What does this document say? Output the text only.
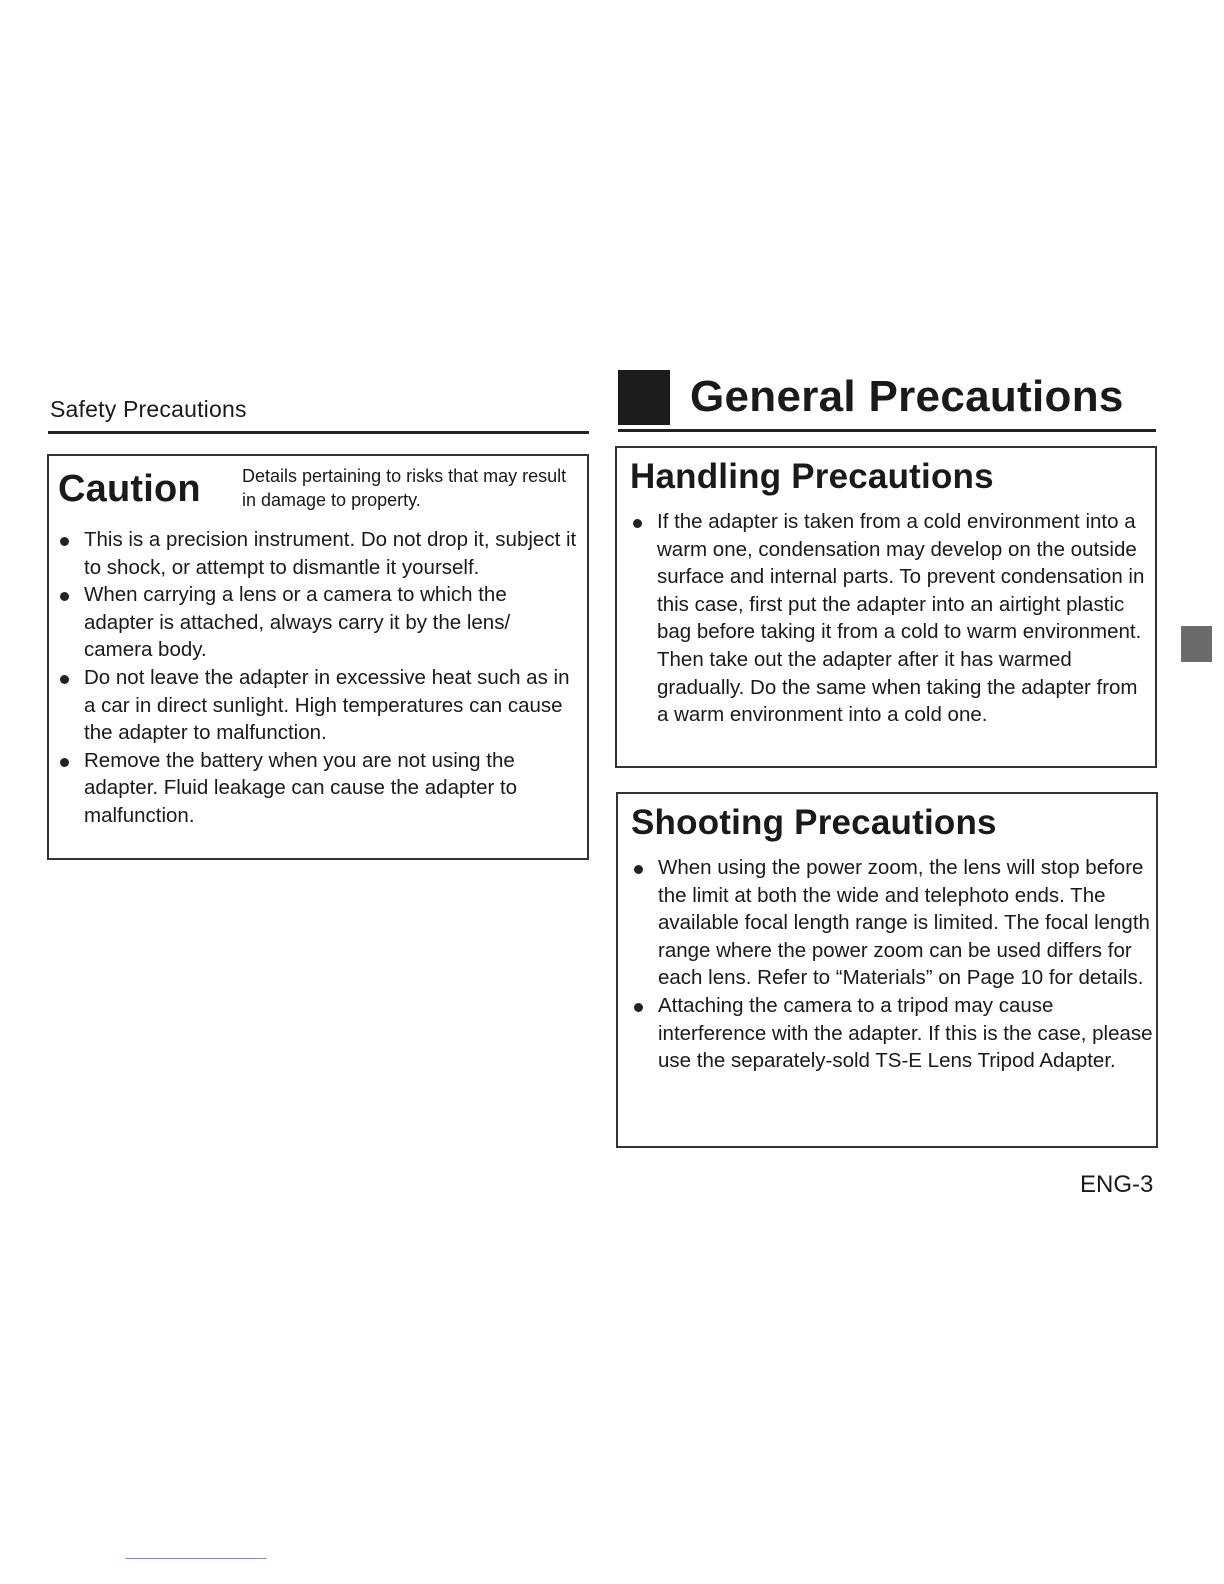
Safety Precautions	General Precautions
Caution Details pertaining to risks that may result in damage to property.
This is a precision instrument. Do not drop it, subject it to shock, or attempt to dismantle it yourself.
When carrying a lens or a camera to which the adapter is attached, always carry it by the lens/ camera body.
Do not leave the adapter in excessive heat such as in a car in direct sunlight. High temperatures can cause the adapter to malfunction.
Remove the battery when you are not using the adapter. Fluid leakage can cause the adapter to malfunction.
Handling Precautions
If the adapter is taken from a cold environment into a warm one, condensation may develop on the outside surface and internal parts. To prevent condensation in this case, first put the adapter into an airtight plastic bag before taking it from a cold to warm environment. Then take out the adapter after it has warmed gradually. Do the same when taking the adapter from a warm environment into a cold one.
Shooting Precautions
When using the power zoom, the lens will stop before the limit at both the wide and telephoto ends. The available focal length range is limited. The focal length range where the power zoom can be used differs for each lens. Refer to “Materials” on Page 10 for details.
Attaching the camera to a tripod may cause interference with the adapter. If this is the case, please use the separately-sold TS-E Lens Tripod Adapter.
ENG-3
